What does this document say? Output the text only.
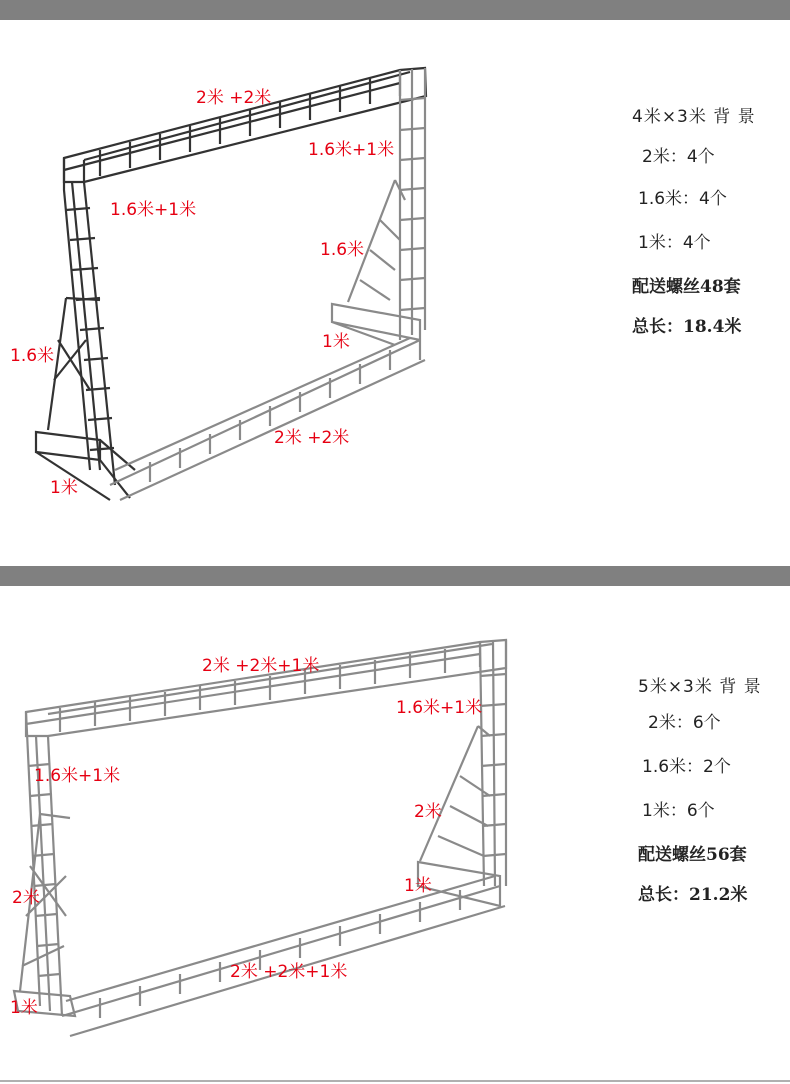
2米 +2米
1.6米+1米
1.6米+1米
1.6米
1.6米
1米
2米 +2米
1米
4米×3米 背 景
2米：4个
1.6米：4个
1米：4个
配送螺丝48套
总长：18.4米
2米 +2米+1米
1.6米+1米
1.6米+1米
2米
2米
1米
2米 +2米+1米
1米
5米×3米 背 景
2米：6个
1.6米：2个
1米：6个
配送螺丝56套
总长：21.2米
